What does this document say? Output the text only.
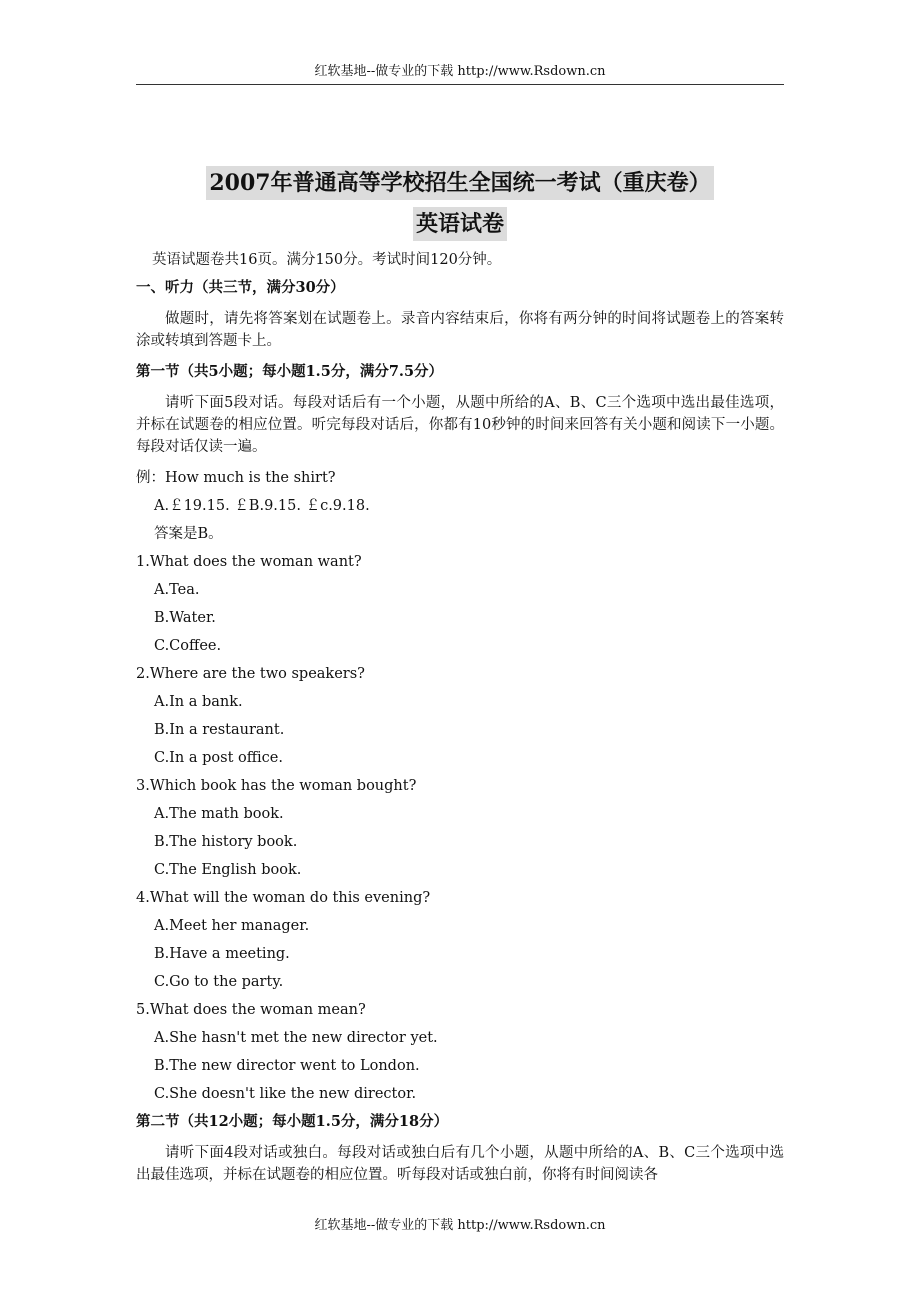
红软基地--做专业的下载 http://www.Rsdown.cn
2007年普通高等学校招生全国统一考试（重庆卷）
英语试卷
英语试题卷共16页。满分150分。考试时间120分钟。
一、听力（共三节，满分30分）
做题时，请先将答案划在试题卷上。录音内容结束后，你将有两分钟的时间将试题卷上的答案转涂或转填到答题卡上。
第一节（共5小题；每小题1.5分，满分7.5分）
请听下面5段对话。每段对话后有一个小题，从题中所给的A、B、C三个选项中选出最佳选项，并标在试题卷的相应位置。听完每段对话后，你都有10秒钟的时间来回答有关小题和阅读下一小题。每段对话仅读一遍。
例：How much is the shirt?
A.￡19.15. ￡B.9.15. ￡c.9.18.
答案是B。
1.What does the woman want?
A.Tea.
B.Water.
C.Coffee.
2.Where are the two speakers?
A.In a bank.
B.In a restaurant.
C.In a post office.
3.Which book has the woman bought?
A.The math book.
B.The history book.
C.The English book.
4.What will the woman do this evening?
A.Meet her manager.
B.Have a meeting.
C.Go to the party.
5.What does the woman mean?
A.She hasn't met the new director yet.
B.The new director went to London.
C.She doesn't like the new director.
第二节（共12小题；每小题1.5分，满分18分）
请听下面4段对话或独白。每段对话或独白后有几个小题，从题中所给的A、B、C三个选项中选出最佳选项，并标在试题卷的相应位置。听每段对话或独白前，你将有时间阅读各
红软基地--做专业的下载 http://www.Rsdown.cn
